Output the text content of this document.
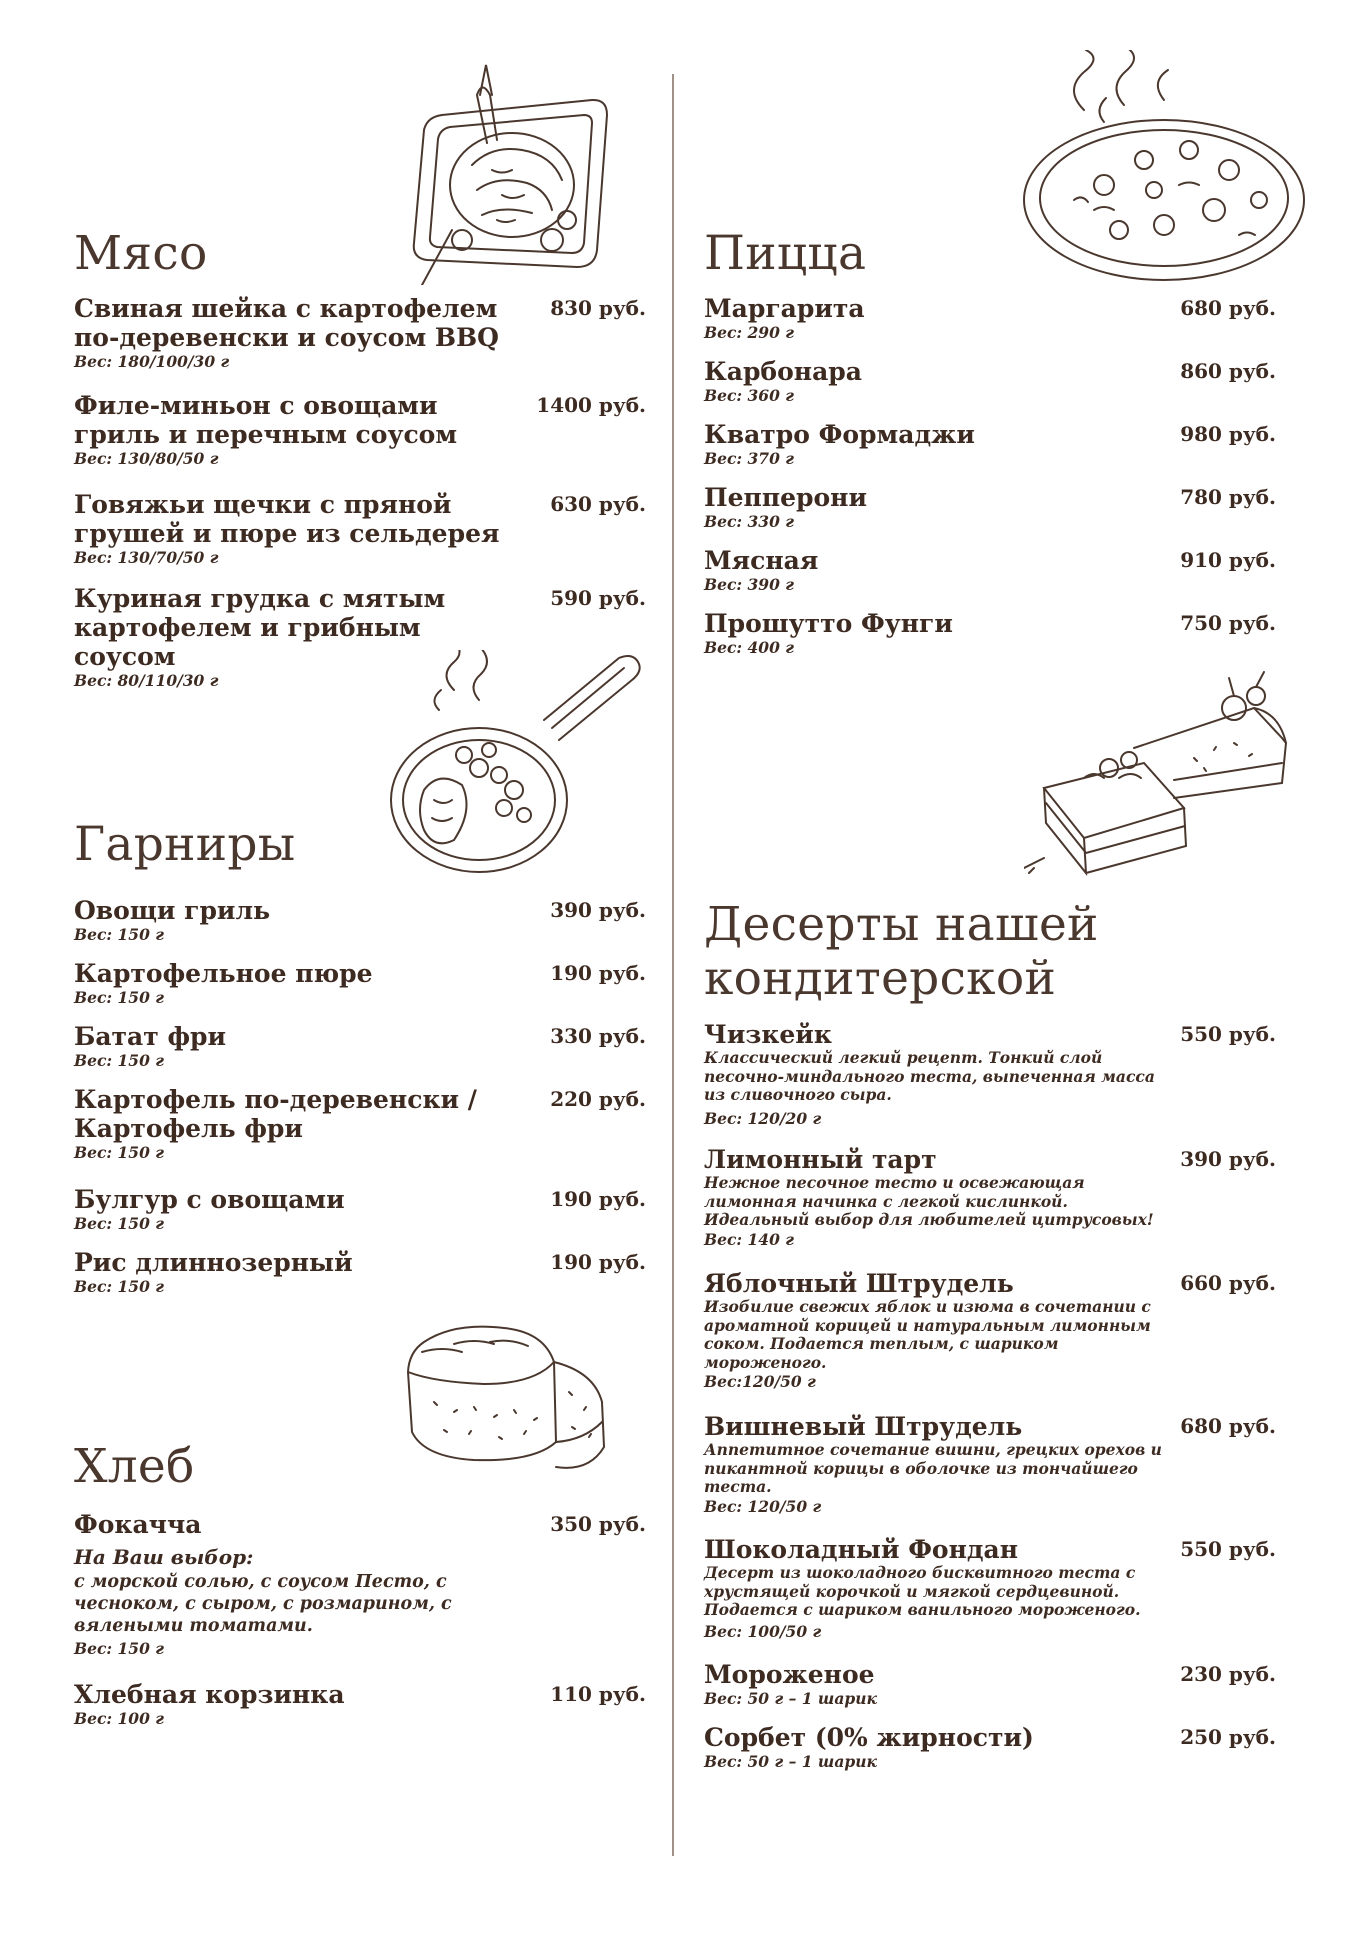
Мясо
Свиная шейка с картофелем по-деревенски и соусом BBQ
830 руб.
Вес: 180/100/30 г
Филе-миньон с овощами гриль и перечным соусом
1400 руб.
Вес: 130/80/50 г
Говяжьи щечки с пряной грушей и пюре из сельдерея
630 руб.
Вес: 130/70/50 г
Куриная грудка с мятым картофелем и грибным соусом
590 руб.
Вес: 80/110/30 г
Гарниры
Овощи гриль	390 руб.
Вес: 150 г
Картофельное пюре	190 руб.
Вес: 150 г
Батат фри	330 руб.
Вес: 150 г
Картофель по-деревенски / Картофель фри
220 руб.
Вес: 150 г
Булгур с овощами	190 руб.
Вес: 150 г
Рис длиннозерный	190 руб.
Вес: 150 г
Хлеб
Фокачча	350 руб.
На Ваш выбор:
с морской солью, с соусом Песто, с чесноком, с сыром, с розмарином, с вялеными томатами.
Вес: 150 г
Хлебная корзинка	110 руб.
Вес: 100 г
Пицца
Маргарита	680 руб.
Вес: 290 г
Карбонара	860 руб.
Вес: 360 г
Кватро Формаджи	980 руб.
Вес: 370 г
Пепперони	780 руб.
Вес: 330 г
Мясная	910 руб.
Вес: 390 г
Прошутто Фунги	750 руб.
Вес: 400 г
Десерты нашей
кондитерской
Чизкейк	550 руб.
Классический легкий рецепт. Тонкий слой песочно-миндального теста, выпеченная масса из сливочного сыра.
Вес: 120/20 г
Лимонный тарт	390 руб.
Нежное песочное тесто и освежающая лимонная начинка с легкой кислинкой. Идеальный выбор для любителей цитрусовых!
Вес: 140 г
Яблочный Штрудель	660 руб.
Изобилие свежих яблок и изюма в сочетании с ароматной корицей и натуральным лимонным соком. Подается теплым, с шариком мороженого.
Вес:120/50 г
Вишневый Штрудель	680 руб.
Аппетитное сочетание вишни, грецких орехов и пикантной корицы в оболочке из тончайшего теста.
Вес: 120/50 г
Шоколадный Фондан	550 руб.
Десерт из шоколадного бисквитного теста с хрустящей корочкой и мягкой сердцевиной. Подается с шариком ванильного мороженого.
Вес: 100/50 г
Мороженое	230 руб.
Вес: 50 г – 1 шарик
Сорбет (0% жирности)	250 руб.
Вес: 50 г – 1 шарик
